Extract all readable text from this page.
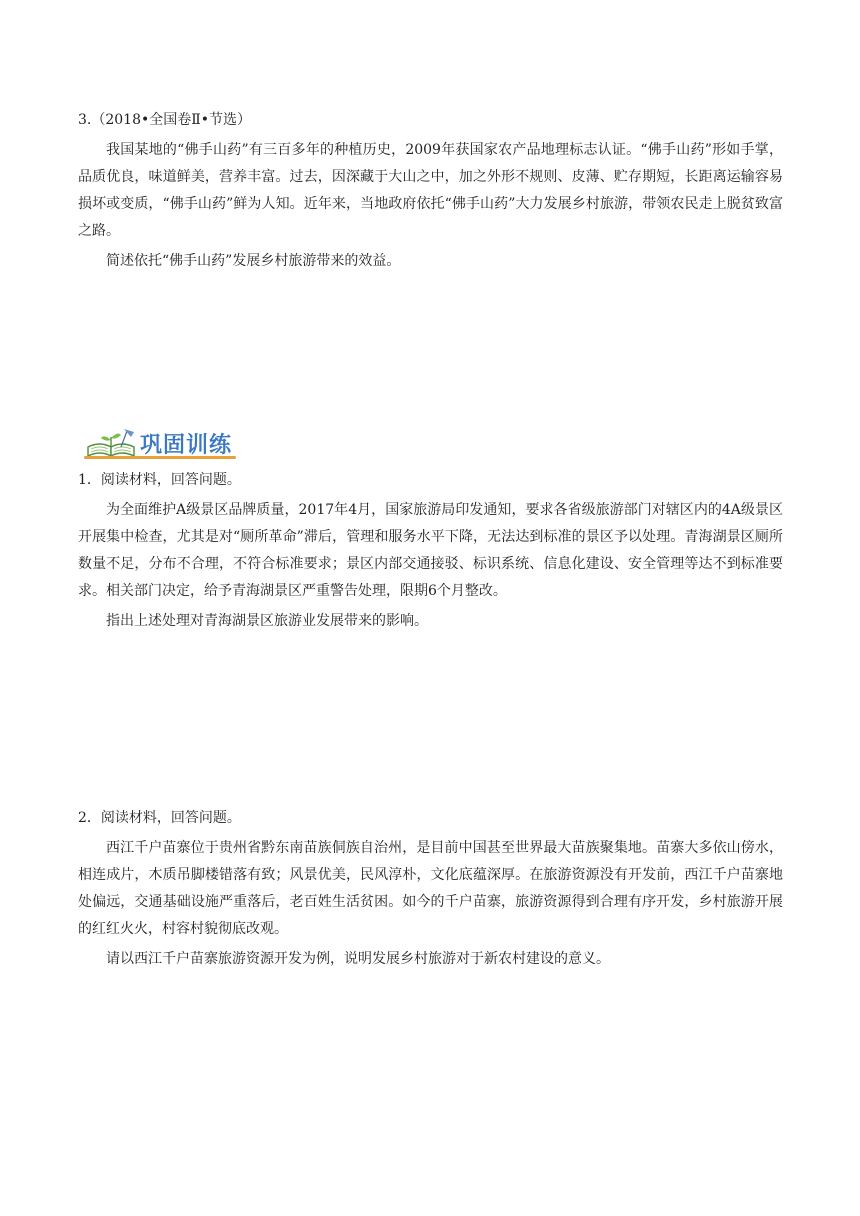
3.（2018•全国卷Ⅱ•节选）

我国某地的“佛手山药”有三百多年的种植历史，2009年获国家农产品地理标志认证。“佛手山药”形如手掌，品质优良，味道鲜美，营养丰富。过去，因深藏于大山之中，加之外形不规则、皮薄、贮存期短，长距离运输容易损坏或变质，“佛手山药”鲜为人知。近年来，当地政府依托“佛手山药”大力发展乡村旅游，带领农民走上脱贫致富之路。

简述依托“佛手山药”发展乡村旅游带来的效益。

巩固训练

1．阅读材料，回答问题。

为全面维护A级景区品牌质量，2017年4月，国家旅游局印发通知，要求各省级旅游部门对辖区内的4A级景区开展集中检查，尤其是对“厕所革命”滞后，管理和服务水平下降，无法达到标准的景区予以处理。青海湖景区厕所数量不足，分布不合理，不符合标准要求；景区内部交通接驳、标识系统、信息化建设、安全管理等达不到标准要求。相关部门决定，给予青海湖景区严重警告处理，限期6个月整改。

指出上述处理对青海湖景区旅游业发展带来的影响。

2．阅读材料，回答问题。

西江千户苗寨位于贵州省黔东南苗族侗族自治州，是目前中国甚至世界最大苗族聚集地。苗寨大多依山傍水，相连成片，木质吊脚楼错落有致；风景优美，民风淳朴，文化底蕴深厚。在旅游资源没有开发前，西江千户苗寨地处偏远，交通基础设施严重落后，老百姓生活贫困。如今的千户苗寨，旅游资源得到合理有序开发，乡村旅游开展的红红火火，村容村貌彻底改观。

请以西江千户苗寨旅游资源开发为例，说明发展乡村旅游对于新农村建设的意义。
